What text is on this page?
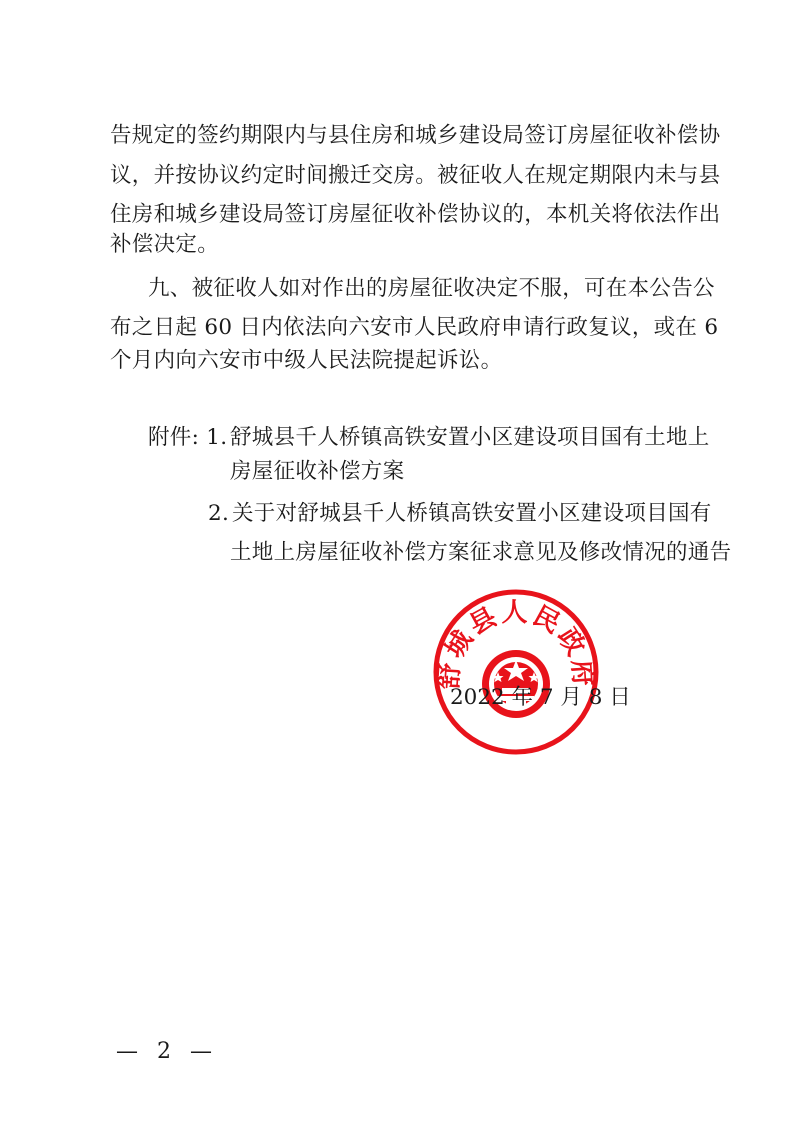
告规定的签约期限内与县住房和城乡建设局签订房屋征收补偿协
议，并按协议约定时间搬迁交房。被征收人在规定期限内未与县
住房和城乡建设局签订房屋征收补偿协议的，本机关将依法作出
补偿决定。
九、被征收人如对作出的房屋征收决定不服，可在本公告公
布之日起 60 日内依法向六安市人民政府申请行政复议，或在 6
个月内向六安市中级人民法院提起诉讼。
附件: 1. 舒城县千人桥镇高铁安置小区建设项目国有土地上
房屋征收补偿方案
2. 关于对舒城县千人桥镇高铁安置小区建设项目国有
土地上房屋征收补偿方案征求意见及修改情况的通告
舒城县人民政府
2022 年 7 月 8 日
— 2 —
